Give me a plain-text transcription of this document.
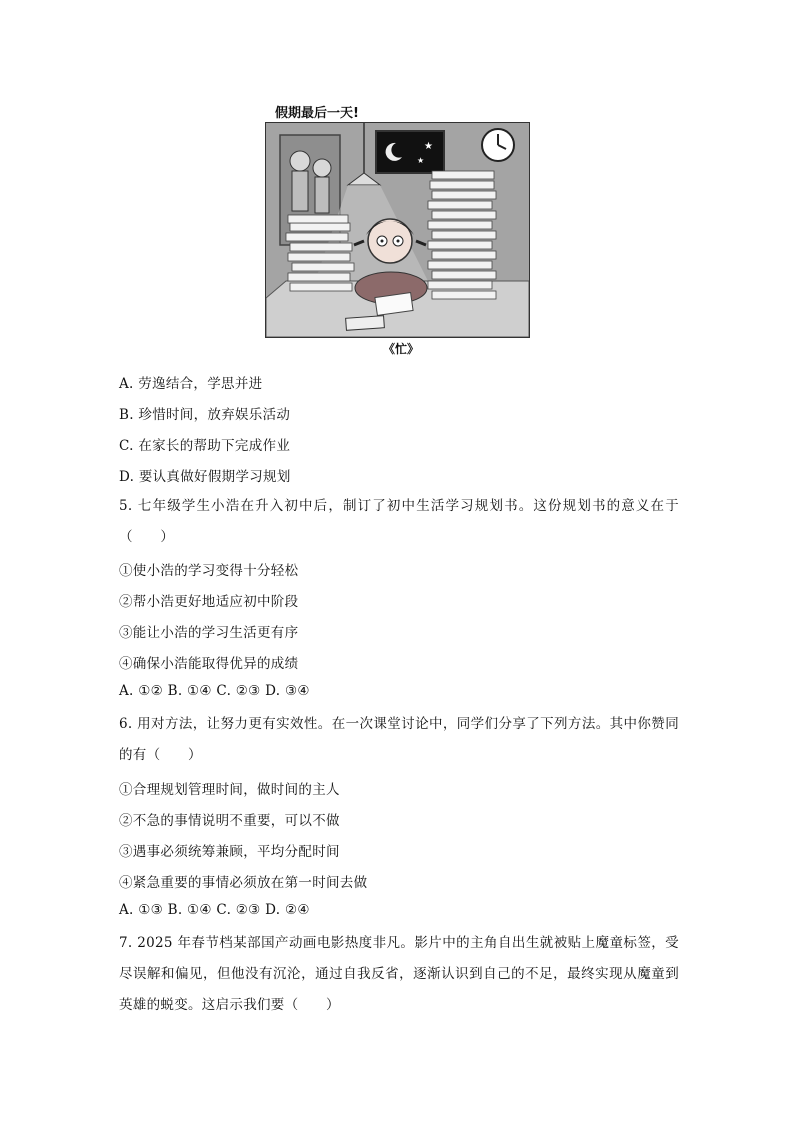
假期最后一天!
★
★
《忙》
A. 劳逸结合，学思并进
B. 珍惜时间，放弃娱乐活动
C. 在家长的帮助下完成作业
D. 要认真做好假期学习规划
5. 七年级学生小浩在升入初中后，制订了初中生活学习规划书。这份规划书的意义在于（　　）
①使小浩的学习变得十分轻松
②帮小浩更好地适应初中阶段
③能让小浩的学习生活更有序
④确保小浩能取得优异的成绩
A. ①② B. ①④ C. ②③ D. ③④
6. 用对方法，让努力更有实效性。在一次课堂讨论中，同学们分享了下列方法。其中你赞同的有（　　）
①合理规划管理时间，做时间的主人
②不急的事情说明不重要，可以不做
③遇事必须统筹兼顾，平均分配时间
④紧急重要的事情必须放在第一时间去做
A. ①③ B. ①④ C. ②③ D. ②④
7. 2025 年春节档某部国产动画电影热度非凡。影片中的主角自出生就被贴上魔童标签，受尽误解和偏见，但他没有沉沦，通过自我反省，逐渐认识到自己的不足，最终实现从魔童到英雄的蜕变。这启示我们要（　　）
